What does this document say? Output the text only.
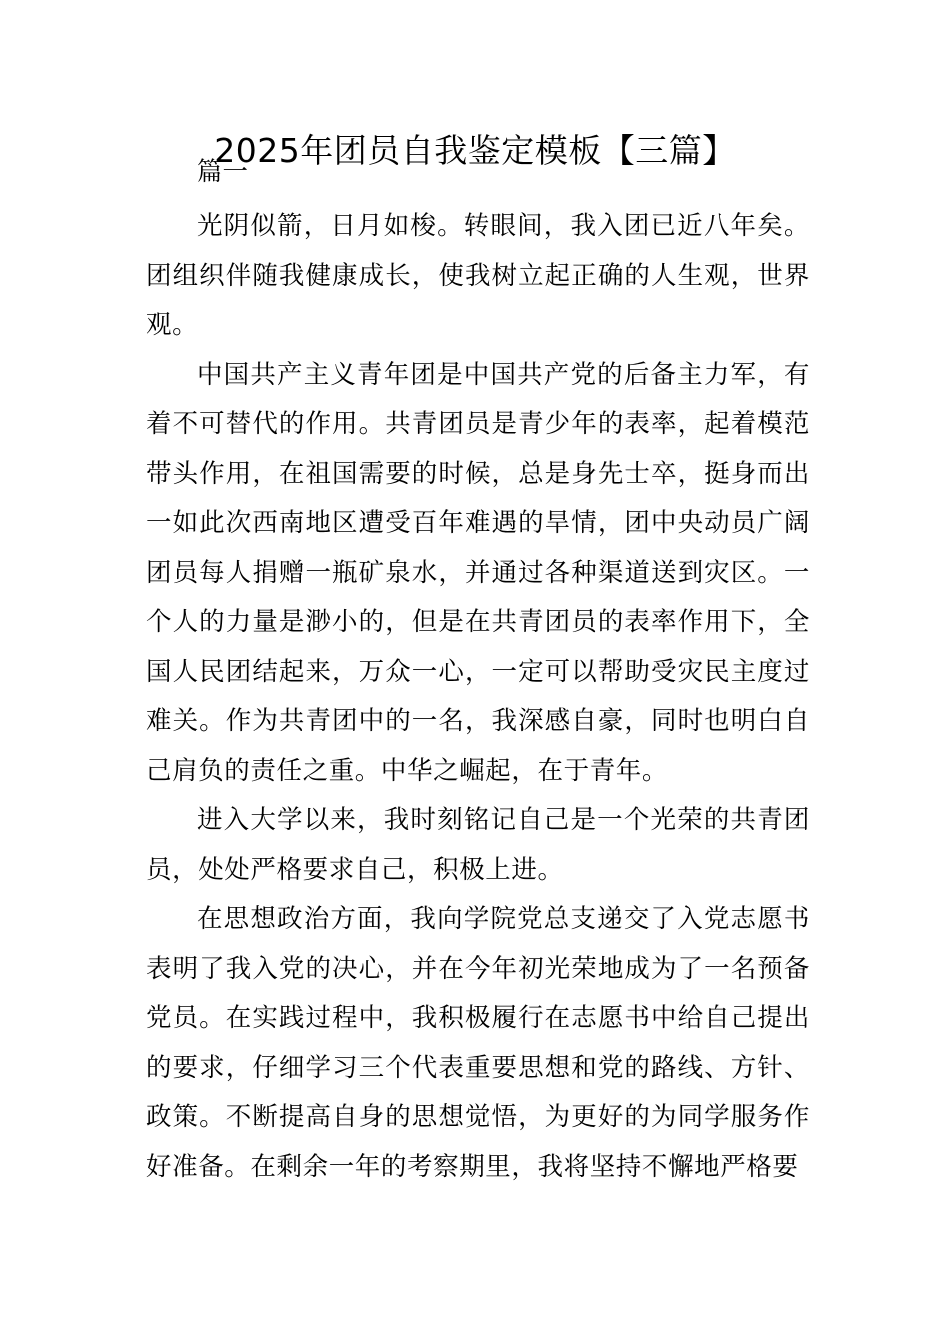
2025年团员自我鉴定模板【三篇】

篇一

光阴似箭，日月如梭。转眼间，我入团已近八年矣。团组织伴随我健康成长，使我树立起正确的人生观，世界观。

中国共产主义青年团是中国共产党的后备主力军，有着不可替代的作用。共青团员是青少年的表率，起着模范带头作用，在祖国需要的时候，总是身先士卒，挺身而出一如此次西南地区遭受百年难遇的旱情，团中央动员广阔团员每人捐赠一瓶矿泉水，并通过各种渠道送到灾区。一个人的力量是渺小的，但是在共青团员的表率作用下，全国人民团结起来，万众一心，一定可以帮助受灾民主度过难关。作为共青团中的一名，我深感自豪，同时也明白自己肩负的责任之重。中华之崛起，在于青年。

进入大学以来，我时刻铭记自己是一个光荣的共青团员，处处严格要求自己，积极上进。

在思想政治方面，我向学院党总支递交了入党志愿书表明了我入党的决心，并在今年初光荣地成为了一名预备党员。在实践过程中，我积极履行在志愿书中给自己提出的要求，仔细学习三个代表重要思想和党的路线、方针、政策。不断提高自身的思想觉悟，为更好的为同学服务作好准备。在剩余一年的考察期里，我将坚持不懈地严格要
